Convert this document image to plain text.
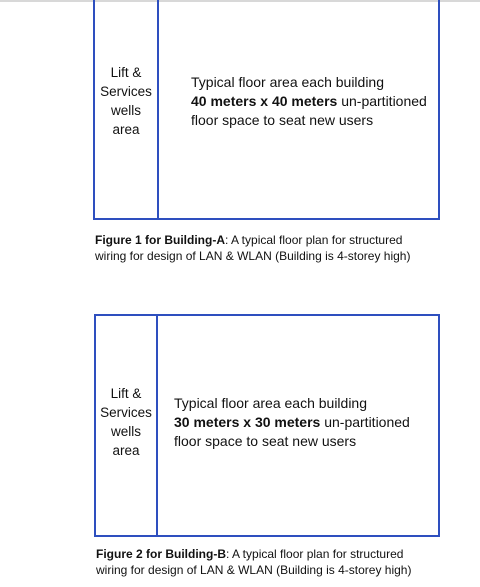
Lift &
Services
wells
area
Typical floor area each building
40 meters x 40 meters un-partitioned
floor space to seat new users
Figure 1 for Building-A: A typical floor plan for structured
wiring for design of LAN & WLAN (Building is 4-storey high)
Lift &
Services
wells
area
Typical floor area each building
30 meters x 30 meters un-partitioned
floor space to seat new users
Figure 2 for Building-B: A typical floor plan for structured
wiring for design of LAN & WLAN (Building is 4-storey high)
